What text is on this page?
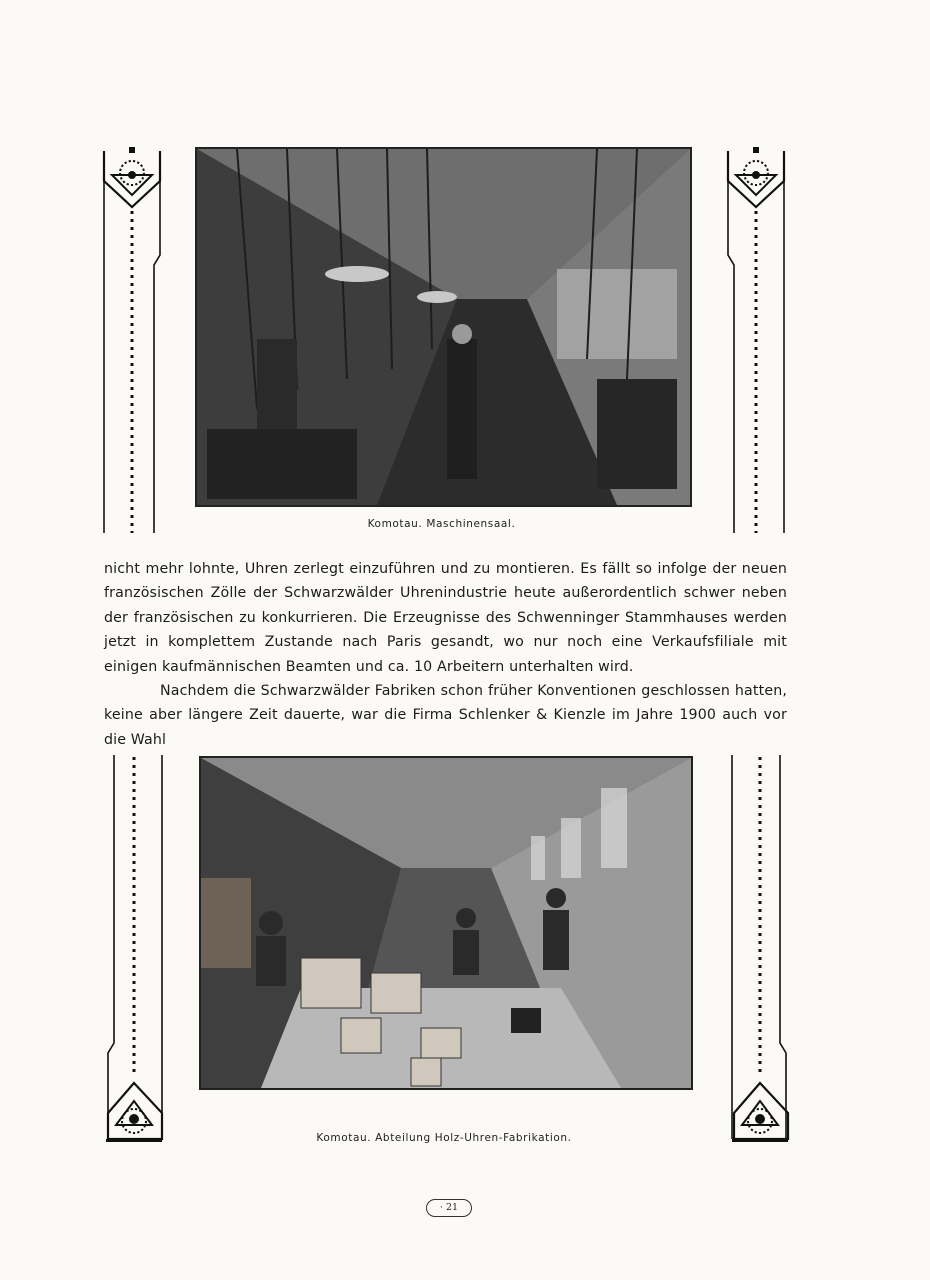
Komotau. Maschinensaal.

nicht mehr lohnte, Uhren zerlegt einzuführen und zu montieren. Es fällt so infolge der neuen französischen Zölle der Schwarzwälder Uhrenindustrie heute außerordentlich schwer neben der französischen zu konkurrieren. Die Erzeugnisse des Schwenninger Stammhauses werden jetzt in komplettem Zustande nach Paris gesandt, wo nur noch eine Verkaufsfiliale mit einigen kaufmännischen Beamten und ca. 10 Arbeitern unterhalten wird.

Nachdem die Schwarzwälder Fabriken schon früher Konventionen geschlossen hatten, keine aber längere Zeit dauerte, war die Firma Schlenker & Kienzle im Jahre 1900 auch vor die Wahl

Komotau. Abteilung Holz-Uhren-Fabrikation.
· 21
